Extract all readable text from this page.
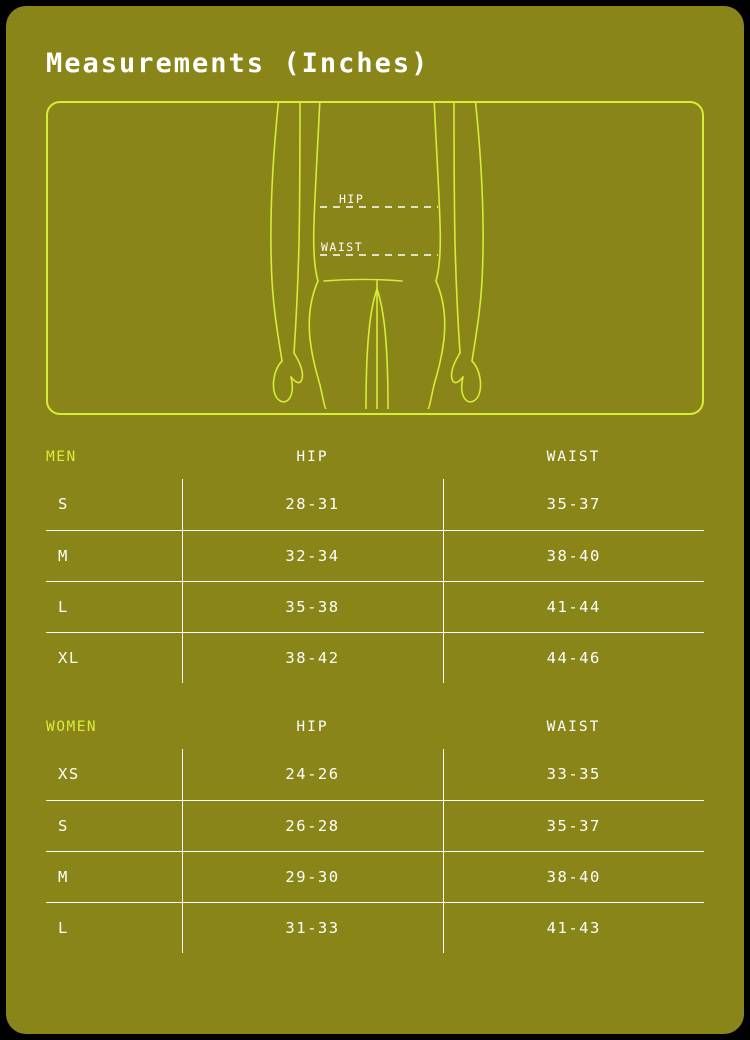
Measurements (Inches)
HIP
WAIST
MEN	HIP	WAIST
S	28-31	35-37
M	32-34	38-40
L	35-38	41-44
XL	38-42	44-46
WOMEN	HIP	WAIST
XS	24-26	33-35
S	26-28	35-37
M	29-30	38-40
L	31-33	41-43
